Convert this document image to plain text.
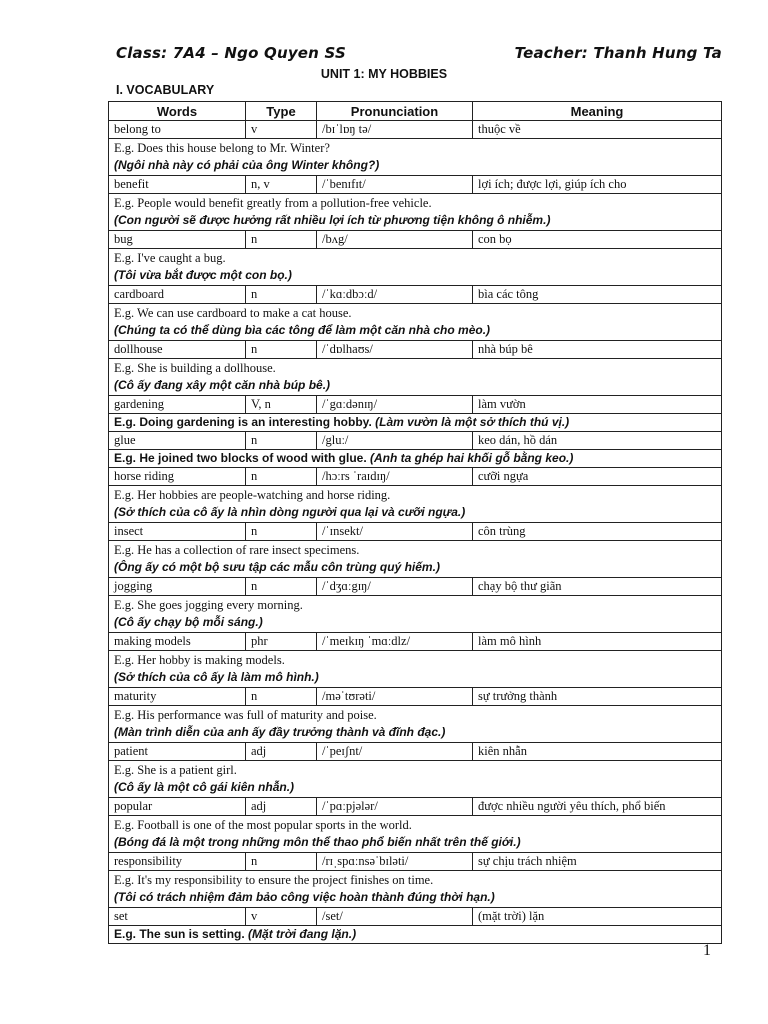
Class: 7A4 – Ngo Quyen SS	Teacher: Thanh Hung Ta
UNIT 1: MY HOBBIES
I. VOCABULARY
Words	Type	Pronunciation	Meaning
belong to	v	/bɪˈlɒŋ tə/	thuộc về

E.g. Does this house belong to Mr. Winter?
(Ngôi nhà này có phải của ông Winter không?)			

benefit	n, v	/ˈbenɪfɪt/	lợi ích; được lợi, giúp ích cho

E.g. People would benefit greatly from a pollution-free vehicle.
(Con người sẽ được hưởng rất nhiều lợi ích từ phương tiện không ô nhiễm.)			

bug	n	/bʌg/	con bọ

E.g. I've caught a bug.
(Tôi vừa bắt được một con bọ.)			

cardboard	n	/ˈkɑːdbɔːd/	bìa các tông

E.g. We can use cardboard to make a cat house.
(Chúng ta có thể dùng bìa các tông để làm một căn nhà cho mèo.)			

dollhouse	n	/ˈdɒlhaʊs/	nhà búp bê

E.g. She is building a dollhouse.
(Cô ấy đang xây một căn nhà búp bê.)			

gardening	V, n	/ˈgɑːdənɪŋ/	làm vườn
E.g. Doing gardening is an interesting hobby. (Làm vườn là một sở thích thú vị.)			
glue	n	/gluː/	keo dán, hồ dán
E.g. He joined two blocks of wood with glue. (Anh ta ghép hai khối gỗ bằng keo.)			
horse riding	n	/hɔːrs ˈraɪdɪŋ/	cưỡi ngựa

E.g. Her hobbies are people-watching and horse riding.
(Sở thích của cô ấy là nhìn dòng người qua lại và cưỡi ngựa.)			

insect	n	/ˈɪnsekt/	côn trùng

E.g. He has a collection of rare insect specimens.
(Ông ấy có một bộ sưu tập các mẫu côn trùng quý hiếm.)			

jogging	n	/ˈdʒɑːgɪŋ/	chạy bộ thư giãn

E.g. She goes jogging every morning.
(Cô ấy chạy bộ mỗi sáng.)			

making models	phr	/ˈmeɪkɪŋ ˈmɑːdlz/	làm mô hình

E.g. Her hobby is making models.
(Sở thích của cô ấy là làm mô hình.)			

maturity	n	/məˈtʊrəti/	sự trưởng thành

E.g. His performance was full of maturity and poise.
(Màn trình diễn của anh ấy đầy trưởng thành và đĩnh đạc.)			

patient	adj	/ˈpeɪʃnt/	kiên nhẫn

E.g. She is a patient girl.
(Cô ấy là một cô gái kiên nhẫn.)			

popular	adj	/ˈpɑːpjələr/	được nhiều người yêu thích, phổ biến

E.g. Football is one of the most popular sports in the world.
(Bóng đá là một trong những môn thể thao phổ biến nhất trên thế giới.)			

responsibility	n	/rɪˌspɑːnsəˈbɪləti/	sự chịu trách nhiệm

E.g. It's my responsibility to ensure the project finishes on time.
(Tôi có trách nhiệm đảm bảo công việc hoàn thành đúng thời hạn.)			

set	v	/set/	(mặt trời) lặn
E.g. The sun is setting. (Mặt trời đang lặn.)			
1
